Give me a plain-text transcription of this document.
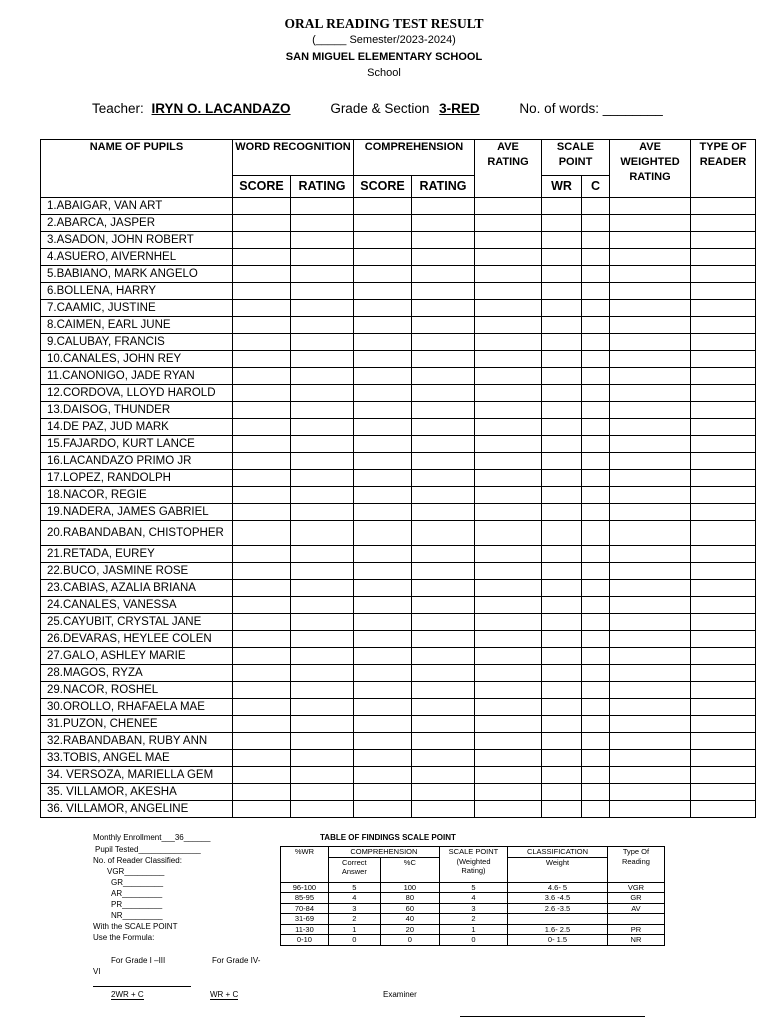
ORAL READING TEST RESULT
(_____ Semester/2023-2024)
SAN MIGUEL ELEMENTARY SCHOOL
School
Teacher: IRYN O. LACANDAZO	Grade & Section 3-RED	No. of words: ________
NAME OF PUPILS	WORD RECOGNITION		COMPREHENSION		AVE RATING	SCALE POINT		AVE WEIGHTED RATING	TYPE OF READER
	SCORE	RATING	SCORE	RATING		WR	C		
1.ABAIGAR, VAN ART									
2.ABARCA, JASPER									
3.ASADON, JOHN ROBERT									
4.ASUERO, AIVERNHEL									
5.BABIANO, MARK ANGELO									
6.BOLLENA, HARRY									
7.CAAMIC, JUSTINE									
8.CAIMEN, EARL JUNE									
9.CALUBAY, FRANCIS									
10.CANALES, JOHN REY									
11.CANONIGO, JADE RYAN									
12.CORDOVA, LLOYD HAROLD									
13.DAISOG, THUNDER									
14.DE PAZ, JUD MARK									
15.FAJARDO, KURT LANCE									
16.LACANDAZO PRIMO JR									
17.LOPEZ, RANDOLPH									
18.NACOR, REGIE									
19.NADERA, JAMES GABRIEL									
20.RABANDABAN, CHISTOPHER									
21.RETADA, EUREY									
22.BUCO, JASMINE ROSE									
23.CABIAS, AZALIA BRIANA									
24.CANALES, VANESSA									
25.CAYUBIT, CRYSTAL JANE									
26.DEVARAS, HEYLEE COLEN									
27.GALO, ASHLEY MARIE									
28.MAGOS, RYZA									
29.NACOR, ROSHEL									
30.OROLLO, RHAFAELA MAE									
31.PUZON, CHENEE									
32.RABANDABAN, RUBY ANN									
33.TOBIS, ANGEL MAE									
34. VERSOZA, MARIELLA GEM									
35. VILLAMOR, AKESHA									
36. VILLAMOR, ANGELINE									
Monthly Enrollment___36______
Pupil Tested______________
No. of Reader Classified:
VGR_________
GR_________
AR_________
PR_________
NR_________
With the SCALE POINT
Use the Formula:
For Grade I –III	For Grade IV-
VI
2WR + C	WR + C	Examiner
TABLE OF FINDINGS SCALE POINT
%WR	COMPREHENSION		SCALE POINT (Weighted Rating)	CLASSIFICATION	Type Of Reading
	Correct Answer	%C		Weight	
96-100	5	100	5	4.6- 5	VGR
85-95	4	80	4	3.6 -4.5	GR
70-84	3	60	3	2.6 -3.5	AV
31-69	2	40	2		
11-30	1	20	1	1.6- 2.5	PR
0-10	0	0	0	0- 1.5	NR
